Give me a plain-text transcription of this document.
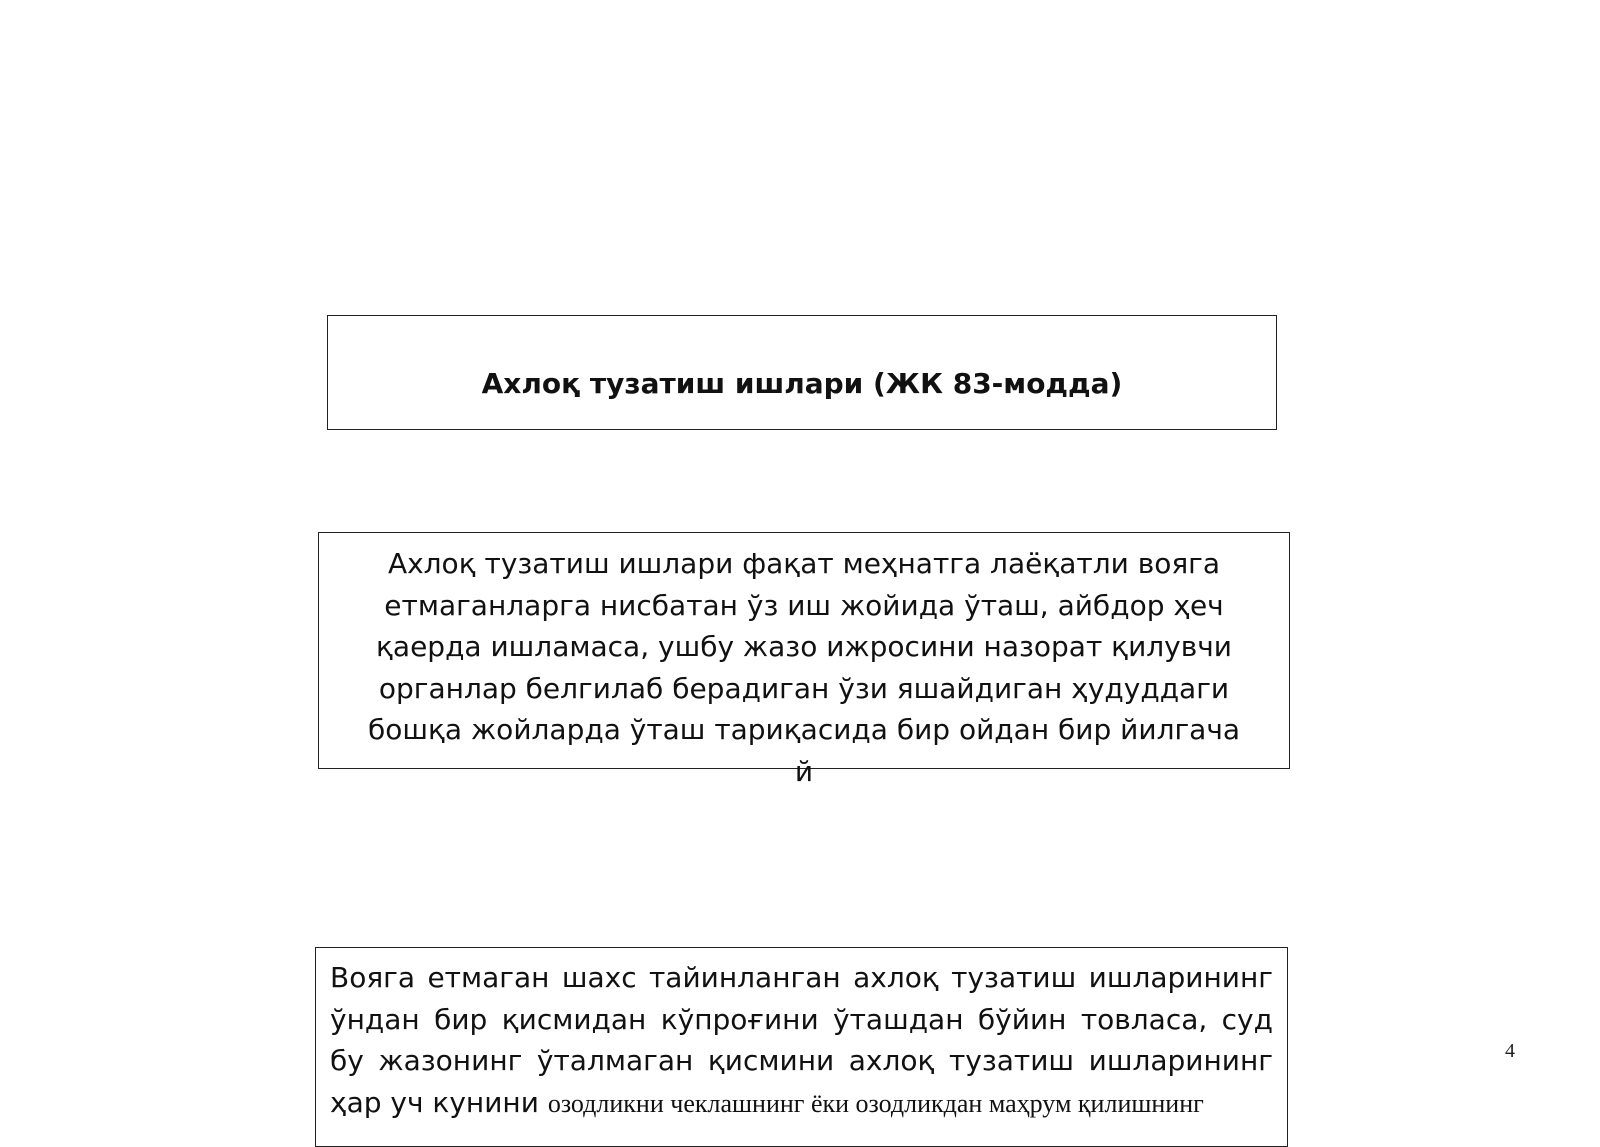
Ахлоқ тузатиш ишлари (ЖК 83-модда)
Ахлоқ тузатиш ишлари фақат меҳнатга лаёқатли вояга етмаганларга нисбатан ўз иш жойида ўташ, айбдор ҳеч қаерда ишламаса, ушбу жазо ижросини назорат қилувчи органлар белгилаб берадиган ўзи яшайдиган ҳудуддаги бошқа жойларда ўташ тариқасида бир ойдан бир йилгача й
Вояга етмаган шахс тайинланган ахлоқ тузатиш ишларининг ўндан бир қисмидан кўпроғини ўташдан бўйин товласа, суд бу жазонинг ўталмаган қисмини ахлоқ тузатиш ишларининг ҳар уч кунини озодликни чеклашнинг ёки озодликдан маҳрум қилишнинг
4
